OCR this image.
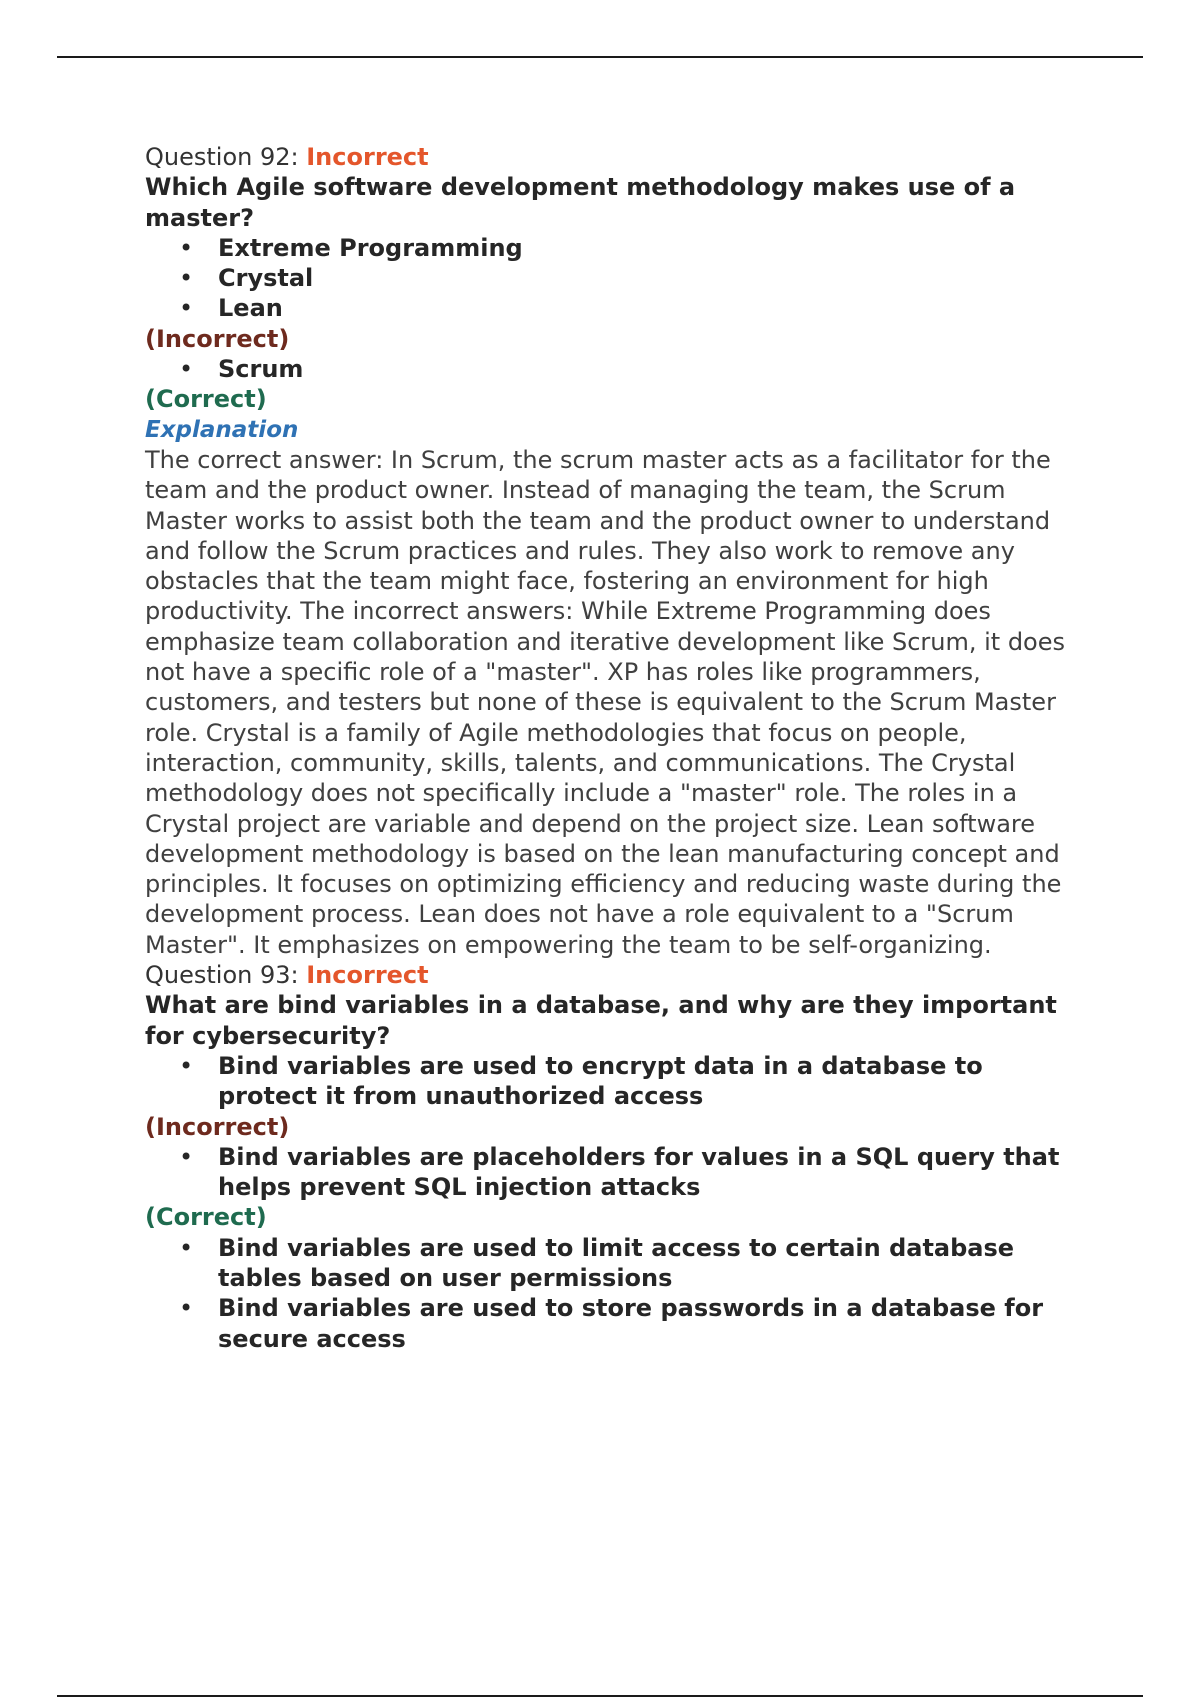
Question 92: Incorrect

Which Agile software development methodology makes use of a master?

• Extreme Programming
• Crystal
• Lean

(Incorrect)

• Scrum

(Correct)

Explanation

The correct answer: In Scrum, the scrum master acts as a facilitator for the team and the product owner. Instead of managing the team, the Scrum Master works to assist both the team and the product owner to understand and follow the Scrum practices and rules. They also work to remove any obstacles that the team might face, fostering an environment for high productivity. The incorrect answers: While Extreme Programming does emphasize team collaboration and iterative development like Scrum, it does not have a specific role of a "master". XP has roles like programmers, customers, and testers but none of these is equivalent to the Scrum Master role. Crystal is a family of Agile methodologies that focus on people, interaction, community, skills, talents, and communications. The Crystal methodology does not specifically include a "master" role. The roles in a Crystal project are variable and depend on the project size. Lean software development methodology is based on the lean manufacturing concept and principles. It focuses on optimizing efficiency and reducing waste during the development process. Lean does not have a role equivalent to a "Scrum Master". It emphasizes on empowering the team to be self-organizing.

Question 93: Incorrect

What are bind variables in a database, and why are they important for cybersecurity?

• Bind variables are used to encrypt data in a database to protect it from unauthorized access

(Incorrect)

• Bind variables are placeholders for values in a SQL query that helps prevent SQL injection attacks

(Correct)

• Bind variables are used to limit access to certain database tables based on user permissions
• Bind variables are used to store passwords in a database for secure access
